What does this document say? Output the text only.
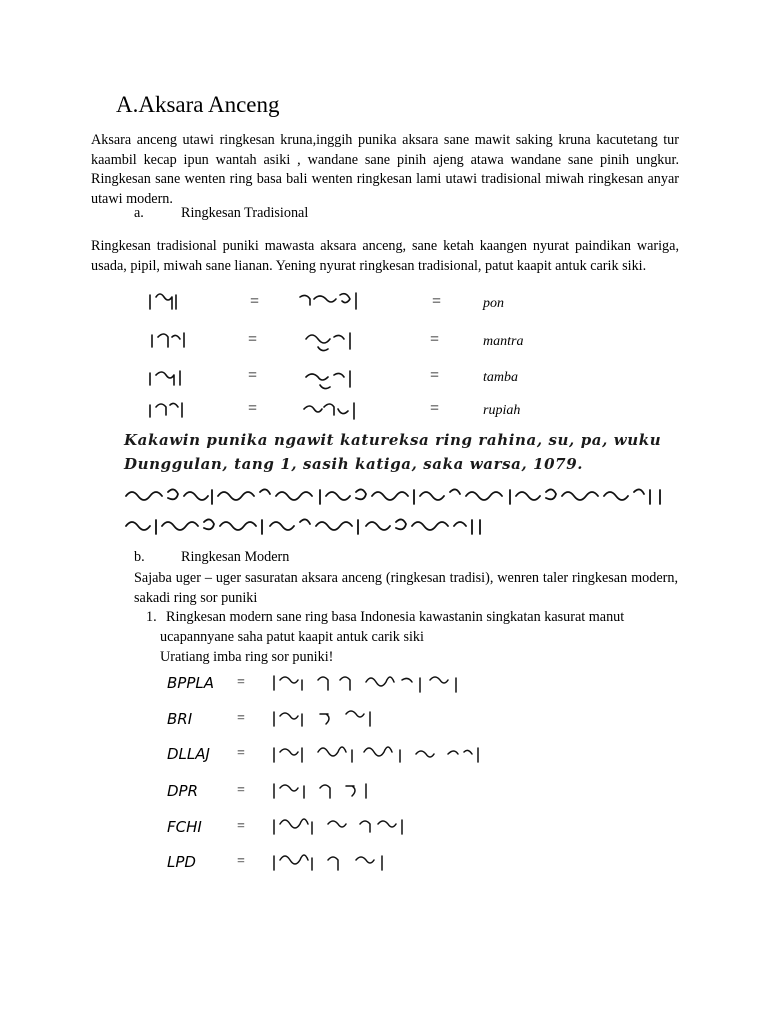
A.Aksara Anceng
Aksara anceng utawi ringkesan kruna,inggih punika aksara sane mawit saking kruna kacutetang tur kaambil kecap ipun wantah asiki , wandane sane pinih ajeng atawa wandane sane pinih ungkur. Ringkesan sane wenten ring basa bali wenten ringkesan lami utawi tradisional miwah ringkesan anyar utawi modern.
a.	Ringkesan Tradisional
Ringkesan tradisional puniki mawasta aksara anceng, sane ketah kaangen nyurat paindikan wariga, usada, pipil, miwah sane lianan. Yening nyurat ringkesan tradisional, patut kaapit antuk carik siki.
=	=	pon
=	=	mantra
=	=	tamba
=	=	rupiah
Kakawin punika ngawit katureksa ring rahina, su, pa, wuku
Dunggulan, tang 1, sasih katiga, saka warsa, 1079.
b.	Ringkesan Modern
Sajaba uger – uger sasuratan aksara anceng (ringkesan tradisi), wenren taler ringkesan modern, sakadi ring sor puniki
1. Ringkesan modern sane ring basa Indonesia kawastanin singkatan kasurat manut
ucapannyane saha patut kaapit antuk carik siki
Uratiang imba ring sor puniki!
BPPLA =
BRI	=
DLLAJ =
DPR	=
FCHI	=
LPD	=
